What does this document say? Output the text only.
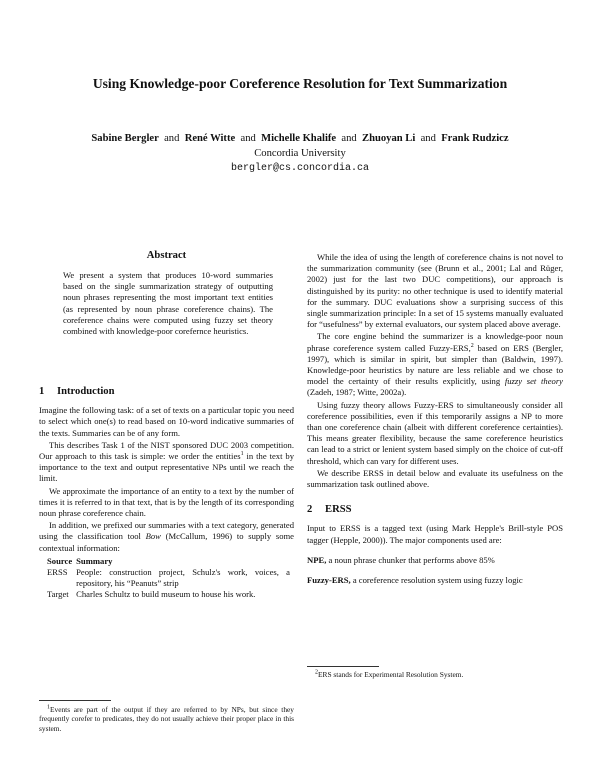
Using Knowledge-poor Coreference Resolution for Text Summarization
Sabine Bergler and René Witte and Michelle Khalife and Zhuoyan Li and Frank Rudzicz
Concordia University
bergler@cs.concordia.ca
Abstract
We present a system that produces 10-word summaries based on the single summarization strategy of outputting noun phrases representing the most important text entities (as represented by noun phrase coreference chains). The coreference chains were computed using fuzzy set theory combined with knowledge-poor corefernce heuristics.
1 Introduction

Imagine the following task: of a set of texts on a particular topic you need to select which one(s) to read based on 10-word indicative summaries of the texts. Summaries can be of any form.

This describes Task 1 of the NIST sponsored DUC 2003 competition. Our approach to this task is simple: we order the entities$^1$ in the text by importance to the text and output representative NPs until we reach the limit.

We approximate the importance of an entity to a text by the number of times it is referred to in that text, that is by the length of its corresponding noun phrase coreference chain.

In addition, we prefixed our summaries with a text category, generated using the classification tool Bow (McCallum, 1996) to supply some contextual information:

Source	Summary
ERSS	People: construction project, Schulz's work, voices, a repository, his “Peanuts” strip
Target	Charles Schultz to build museum to house his work.
$^1$Events are part of the output if they are referred to by NPs, but since they frequently corefer to predicates, they do not usually achieve their proper place in this system.

While the idea of using the length of coreference chains is not novel to the summarization community (see (Brunn et al., 2001; Lal and Rüger, 2002) just for the last two DUC competitions), our approach is distinguished by its purity: no other technique is used to identify material for the summary. DUC evaluations show a surprising success of this single summarization principle: In a set of 15 systems manually evaluated for “usefulness” by external evaluators, our system placed above average.

The core engine behind the summarizer is a knowledge-poor noun phrase coreference system called Fuzzy-ERS,$^2$ based on ERS (Bergler, 1997), which is similar in spirit, but simpler than (Baldwin, 1997). Knowledge-poor heuristics by nature are less reliable and we chose to model the certainty of their results explicitly, using fuzzy set theory (Zadeh, 1987; Witte, 2002a).

Using fuzzy theory allows Fuzzy-ERS to simultaneously consider all coreference possibilities, even if this temporarily assigns a NP to more than one coreference chain (albeit with different coreference certainties). This means greater flexibility, because the same coreference heuristics can lead to a strict or lenient system based simply on the choice of cut-off threshold, which can vary for different uses.

We describe ERSS in detail below and evaluate its usefulness on the summarization task outlined above.

2 ERSS

Input to ERSS is a tagged text (using Mark Hepple's Brill-style POS tagger (Hepple, 2000)). The major components used are:

NPE, a noun phrase chunker that performs above 85%

Fuzzy-ERS, a coreference resolution system using fuzzy logic

$^2$ERS stands for Experimental Resolution System.
